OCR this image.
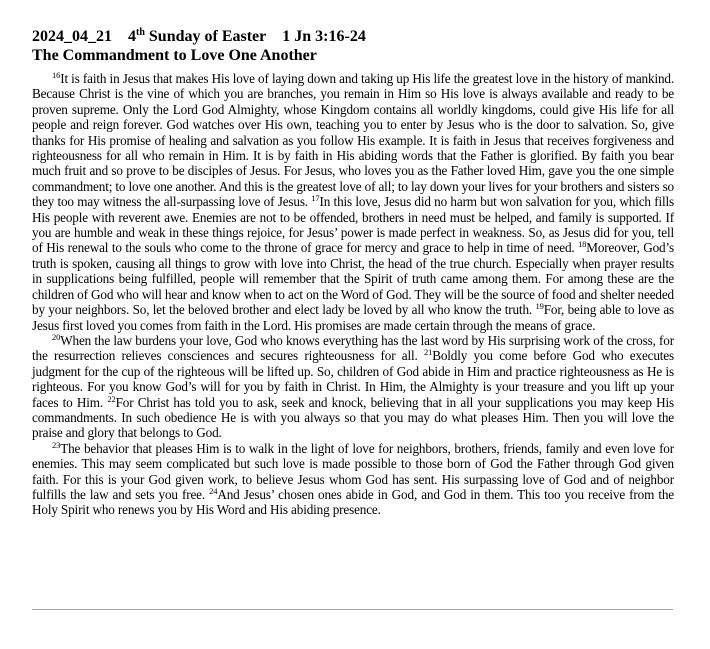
2024_04_21 4th Sunday of Easter 1 Jn 3:16-24
The Commandment to Love One Another

$^{16}$It is faith in Jesus that makes His love of laying down and taking up His life the greatest love in the history of mankind. Because Christ is the vine of which you are branches, you remain in Him so His love is always available and ready to be proven supreme. Only the Lord God Almighty, whose Kingdom contains all worldly kingdoms, could give His life for all people and reign forever. God watches over His own, teaching you to enter by Jesus who is the door to salvation. So, give thanks for His promise of healing and salvation as you follow His example. It is faith in Jesus that receives forgiveness and righteousness for all who remain in Him. It is by faith in His abiding words that the Father is glorified. By faith you bear much fruit and so prove to be disciples of Jesus. For Jesus, who loves you as the Father loved Him, gave you the one simple commandment; to love one another. And this is the greatest love of all; to lay down your lives for your brothers and sisters so they too may witness the all-surpassing love of Jesus. $^{17}$In this love, Jesus did no harm but won salvation for you, which fills His people with reverent awe. Enemies are not to be offended, brothers in need must be helped, and family is supported. If you are humble and weak in these things rejoice, for Jesus’ power is made perfect in weakness. So, as Jesus did for you, tell of His renewal to the souls who come to the throne of grace for mercy and grace to help in time of need. $^{18}$Moreover, God’s truth is spoken, causing all things to grow with love into Christ, the head of the true church. Especially when prayer results in supplications being fulfilled, people will remember that the Spirit of truth came among them. For among these are the children of God who will hear and know when to act on the Word of God. They will be the source of food and shelter needed by your neighbors. So, let the beloved brother and elect lady be loved by all who know the truth. $^{19}$For, being able to love as Jesus first loved you comes from faith in the Lord. His promises are made certain through the means of grace.

$^{20}$When the law burdens your love, God who knows everything has the last word by His surprising work of the cross, for the resurrection relieves consciences and secures righteousness for all. $^{21}$Boldly you come before God who executes judgment for the cup of the righteous will be lifted up. So, children of God abide in Him and practice righteousness as He is righteous. For you know God’s will for you by faith in Christ. In Him, the Almighty is your treasure and you lift up your faces to Him. $^{22}$For Christ has told you to ask, seek and knock, believing that in all your supplications you may keep His commandments. In such obedience He is with you always so that you may do what pleases Him. Then you will love the praise and glory that belongs to God.

$^{23}$The behavior that pleases Him is to walk in the light of love for neighbors, brothers, friends, family and even love for enemies. This may seem complicated but such love is made possible to those born of God the Father through God given faith. For this is your God given work, to believe Jesus whom God has sent. His surpassing love of God and of neighbor fulfills the law and sets you free. $^{24}$And Jesus’ chosen ones abide in God, and God in them. This too you receive from the Holy Spirit who renews you by His Word and His abiding presence.
